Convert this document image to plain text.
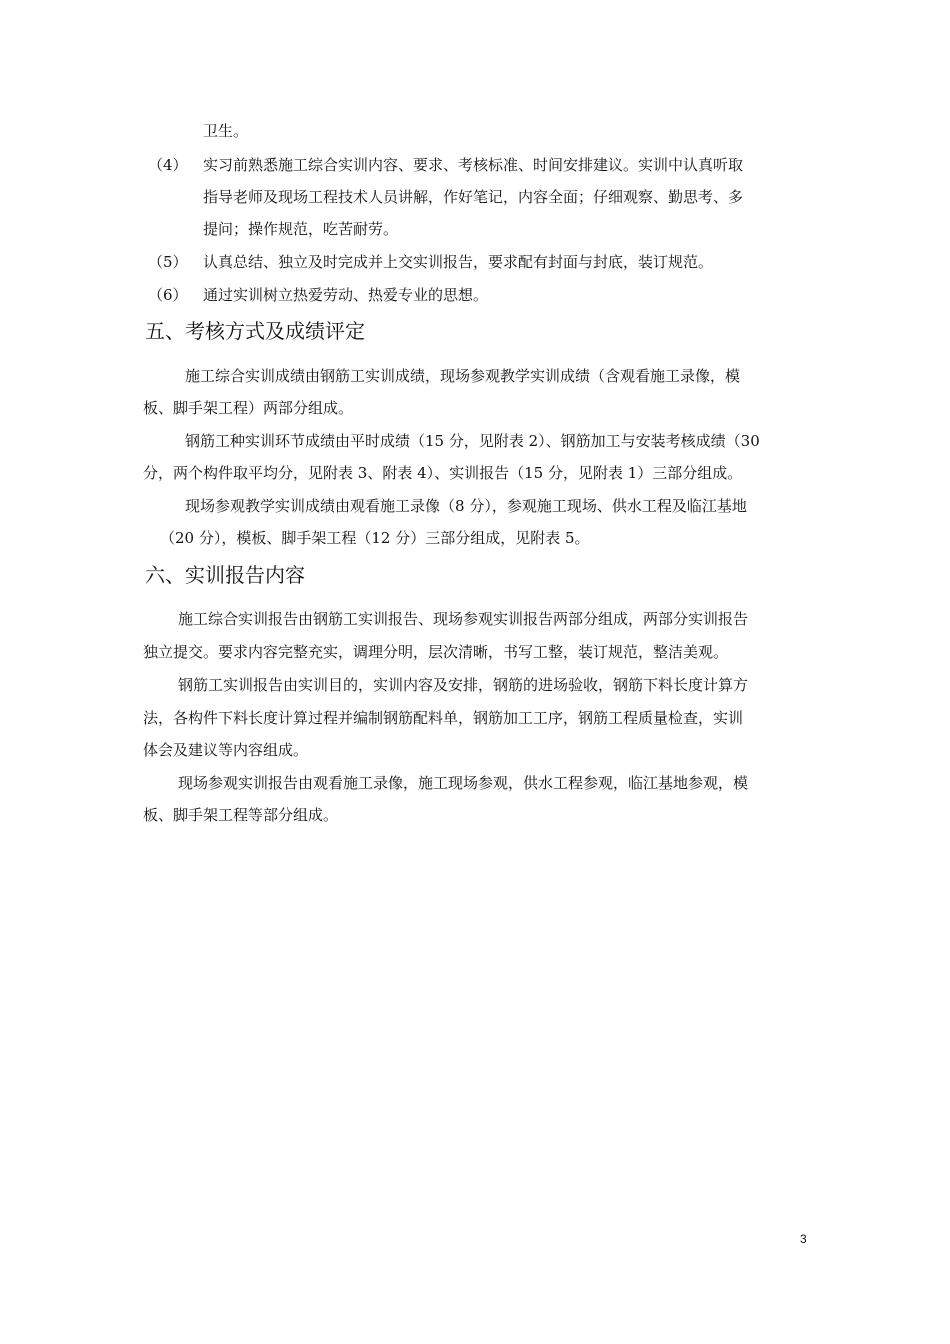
卫生。
（4） 实习前熟悉施工综合实训内容、要求、考核标准、时间安排建议。实训中认真听取
指导老师及现场工程技术人员讲解，作好笔记，内容全面；仔细观察、勤思考、多
提问；操作规范，吃苦耐劳。
（5） 认真总结、独立及时完成并上交实训报告，要求配有封面与封底，装订规范。
（6） 通过实训树立热爱劳动、热爱专业的思想。
五、考核方式及成绩评定
施工综合实训成绩由钢筋工实训成绩，现场参观教学实训成绩（含观看施工录像，模
板、脚手架工程）两部分组成。
钢筋工种实训环节成绩由平时成绩（15 分，见附表 2）、钢筋加工与安装考核成绩（30
分，两个构件取平均分，见附表 3、附表 4）、实训报告（15 分，见附表 1）三部分组成。
现场参观教学实训成绩由观看施工录像（8 分），参观施工现场、供水工程及临江基地
（20 分），模板、脚手架工程（12 分）三部分组成，见附表 5。
六、实训报告内容
施工综合实训报告由钢筋工实训报告、现场参观实训报告两部分组成，两部分实训报告
独立提交。要求内容完整充实，调理分明，层次清晰，书写工整，装订规范，整洁美观。
钢筋工实训报告由实训目的，实训内容及安排，钢筋的进场验收，钢筋下料长度计算方
法，各构件下料长度计算过程并编制钢筋配料单，钢筋加工工序，钢筋工程质量检查，实训
体会及建议等内容组成。
现场参观实训报告由观看施工录像，施工现场参观，供水工程参观，临江基地参观，模
板、脚手架工程等部分组成。
3
